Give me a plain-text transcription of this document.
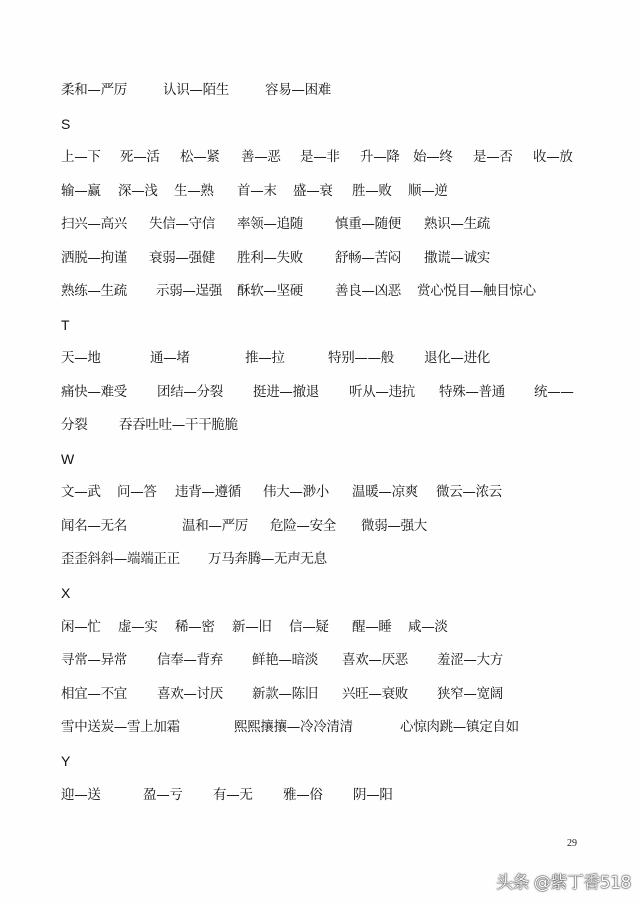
柔和—严厉	认识—陌生	容易—困难
S
上—下 死—活 松—紧 善—恶 是—非 升—降 始—终 是—否 收—放
输—赢 深—浅 生—熟 首—末 盛—衰 胜—败 顺—逆
扫兴—高兴 失信—守信 率领—追随 慎重—随便 熟识—生疏
洒脱—拘谨 衰弱—强健 胜利—失败 舒畅—苦闷 撒谎—诚实
熟练—生疏 示弱—逞强 酥软—坚硬 善良—凶恶 赏心悦目—触目惊心
T
天—地	通—堵	推—拉	特别——般 退化—进化
痛快—难受 团结—分裂 挺进—撤退 听从—违抗 特殊—普通 统——
分裂 吞吞吐吐—干干脆脆
W
文—武 问—答 违背—遵循 伟大—渺小 温暖—凉爽 微云—浓云
闻名—无名	温和—严厉 危险—安全 微弱—强大
歪歪斜斜—端端正正 万马奔腾—无声无息
X
闲—忙 虚—实 稀—密 新—旧 信—疑 醒—睡 咸—淡
寻常—异常 信奉—背弃 鲜艳—暗淡 喜欢—厌恶 羞涩—大方
相宜—不宜 喜欢—讨厌 新款—陈旧 兴旺—衰败 狭窄—宽阔
雪中送炭—雪上加霜	熙熙攘攘—冷冷清清	心惊肉跳—镇定自如
Y
迎—送	盈—亏 有—无 雅—俗 阴—阳
29
头条 @紫丁香518
